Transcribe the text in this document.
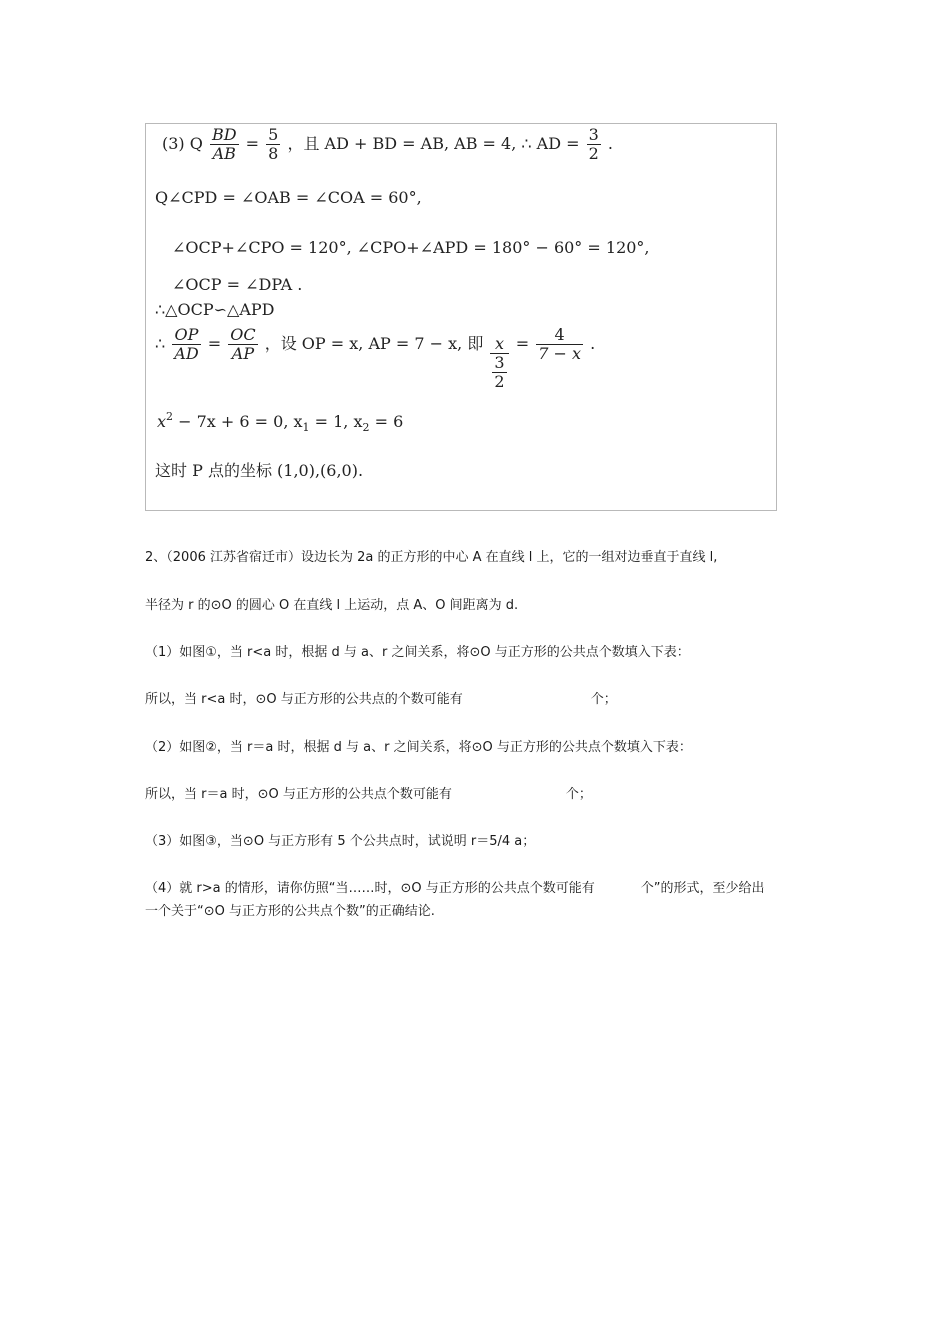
(3) Q $\frac{BD}{AB} = \frac{5}{8}$ ，且 AD + BD = AB, AB = 4, ∴ AD = $\frac{3}{2}$ .
Q∠CPD = ∠OAB = ∠COA = 60°,
∠OCP+∠CPO = 120°, ∠CPO+∠APD = 180° − 60° = 120°,
∠OCP = ∠DPA .
∴△OCP∽△APD
∴ $\frac{OP}{AD} = \frac{OC}{AP}$ ，设 OP = x, AP = 7 − x, 即 $\frac{x}{\frac{3}{2}} = \frac{4}{7 - x}$ .
$x^2 - 7x + 6 = 0$, $x_1 = 1$, $x_2 = 6$
这时 P 点的坐标 (1,0),(6,0).
2、（2006 江苏省宿迁市）设边长为 2a 的正方形的中心 A 在直线 l 上，它的一组对边垂直于直线 l,
半径为 r 的⊙O 的圆心 O 在直线 l 上运动，点 A、O 间距离为 d.
（1）如图①，当 r<a 时，根据 d 与 a、r 之间关系，将⊙O 与正方形的公共点个数填入下表：
所以，当 r<a 时，⊙O 与正方形的公共点的个数可能有	个；
（2）如图②，当 r＝a 时，根据 d 与 a、r 之间关系，将⊙O 与正方形的公共点个数填入下表：
所以，当 r＝a 时，⊙O 与正方形的公共点个数可能有	个；
（3）如图③，当⊙O 与正方形有 5 个公共点时，试说明 r＝5/4 a；
（4）就 r>a 的情形，请你仿照“当……时，⊙O 与正方形的公共点个数可能有	个”的形式，至少给出
一个关于“⊙O 与正方形的公共点个数”的正确结论.
